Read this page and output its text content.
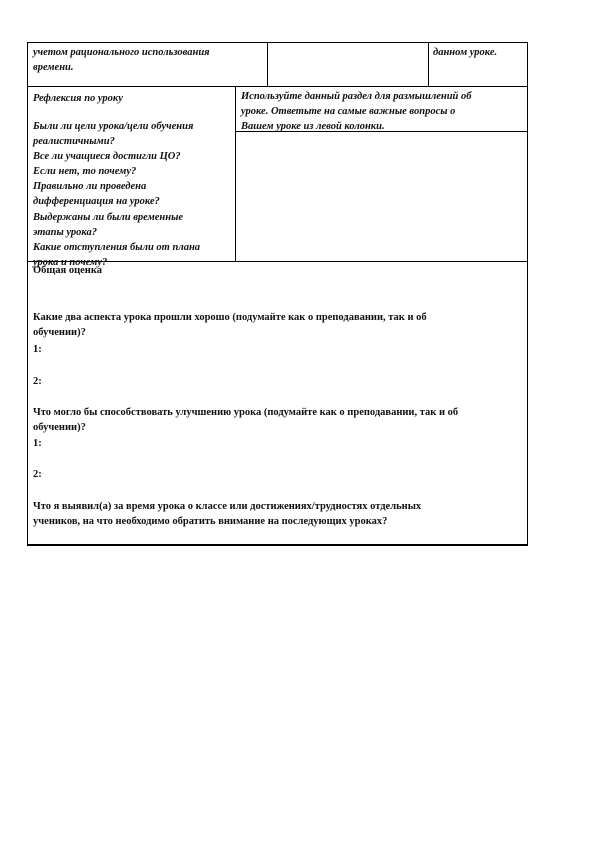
учетом рационального использования
времени.
данном уроке.
Рефлексия по уроку
Были ли цели урока/цели обучения
реалистичными?
Все ли учащиеся достигли ЦО?
Если нет, то почему?
Правильно ли проведена
дифференциация на уроке?
Выдержаны ли были временные
этапы урока?
Какие отступления были от плана
урока и почему?
Используйте данный раздел для размышлений об
уроке. Ответьте на самые важные вопросы о
Вашем уроке из левой колонки.
Общая оценка
Какие два аспекта урока прошли хорошо (подумайте как о преподавании, так и об
обучении)?
1:
2:
Что могло бы способствовать улучшению урока (подумайте как о преподавании, так и об
обучении)?
1:
2:
Что я выявил(а) за время урока о классе или достижениях/трудностях отдельных
учеников, на что необходимо обратить внимание на последующих уроках?
